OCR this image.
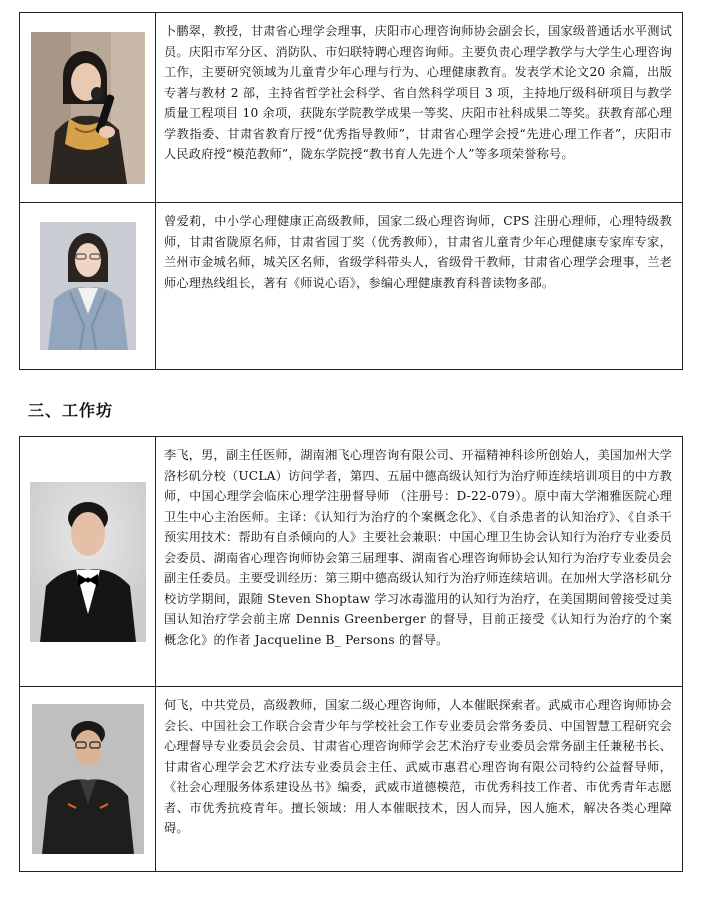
卜鹏翠，教授，甘肃省心理学会理事，庆阳市心理咨询师协会副会长，国家级普通话水平测试员。庆阳市军分区、消防队、市妇联特聘心理咨询师。主要负责心理学教学与大学生心理咨询工作，主要研究领域为儿童青少年心理与行为、心理健康教育。发表学术论文20 余篇，出版专著与教材 2 部，主持省哲学社会科学、省自然科学项目 3 项，主持地厅级科研项目与教学质量工程项目 10 余项，获陇东学院教学成果一等奖、庆阳市社科成果二等奖。获教育部心理学教指委、甘肃省教育厅授“优秀指导教师”，甘肃省心理学会授“先进心理工作者”，庆阳市人民政府授“模范教师”，陇东学院授“教书育人先进个人”等多项荣誉称号。
曾爱莉，中小学心理健康正高级教师，国家二级心理咨询师，CPS 注册心理师，心理特级教师，甘肃省陇原名师，甘肃省园丁奖（优秀教师），甘肃省儿童青少年心理健康专家库专家，兰州市金城名师，城关区名师，省级学科带头人，省级骨干教师，甘肃省心理学会理事，兰老师心理热线组长，著有《师说心语》，参编心理健康教育科普读物多部。
三、工作坊
李飞，男，副主任医师，湖南湘飞心理咨询有限公司、开福精神科诊所创始人，美国加州大学洛杉矶分校（UCLA）访问学者，第四、五届中德高级认知行为治疗师连续培训项目的中方教师，中国心理学会临床心理学注册督导师 （注册号：D-22-079）。原中南大学湘雅医院心理卫生中心主治医师。主译：《认知行为治疗的个案概念化》、《自杀患者的认知治疗》、《自杀干预实用技术：帮助有自杀倾向的人》主要社会兼职：中国心理卫生协会认知行为治疗专业委员会委员、湖南省心理咨询师协会第三届理事、湖南省心理咨询师协会认知行为治疗专业委员会副主任委员。主要受训经历：第三期中德高级认知行为治疗师连续培训。在加州大学洛杉矶分校访学期间，跟随 Steven Shoptaw 学习冰毒滥用的认知行为治疗，在美国期间曾接受过美国认知治疗学会前主席 Dennis Greenberger 的督导，目前正接受《认知行为治疗的个案概念化》的作者 Jacqueline B_ Persons 的督导。
何飞，中共党员，高级教师，国家二级心理咨询师，人本催眠探索者。武威市心理咨询师协会会长、中国社会工作联合会青少年与学校社会工作专业委员会常务委员、中国智慧工程研究会心理督导专业委员会会员、甘肃省心理咨询师学会艺术治疗专业委员会常务副主任兼秘书长、甘肃省心理学会艺术疗法专业委员会主任、武威市惠君心理咨询有限公司特约公益督导师，《社会心理服务体系建设丛书》编委，武威市道德模范，市优秀科技工作者、市优秀青年志愿者、市优秀抗疫青年。擅长领域：用人本催眠技术，因人而异，因人施术，解决各类心理障碍。
